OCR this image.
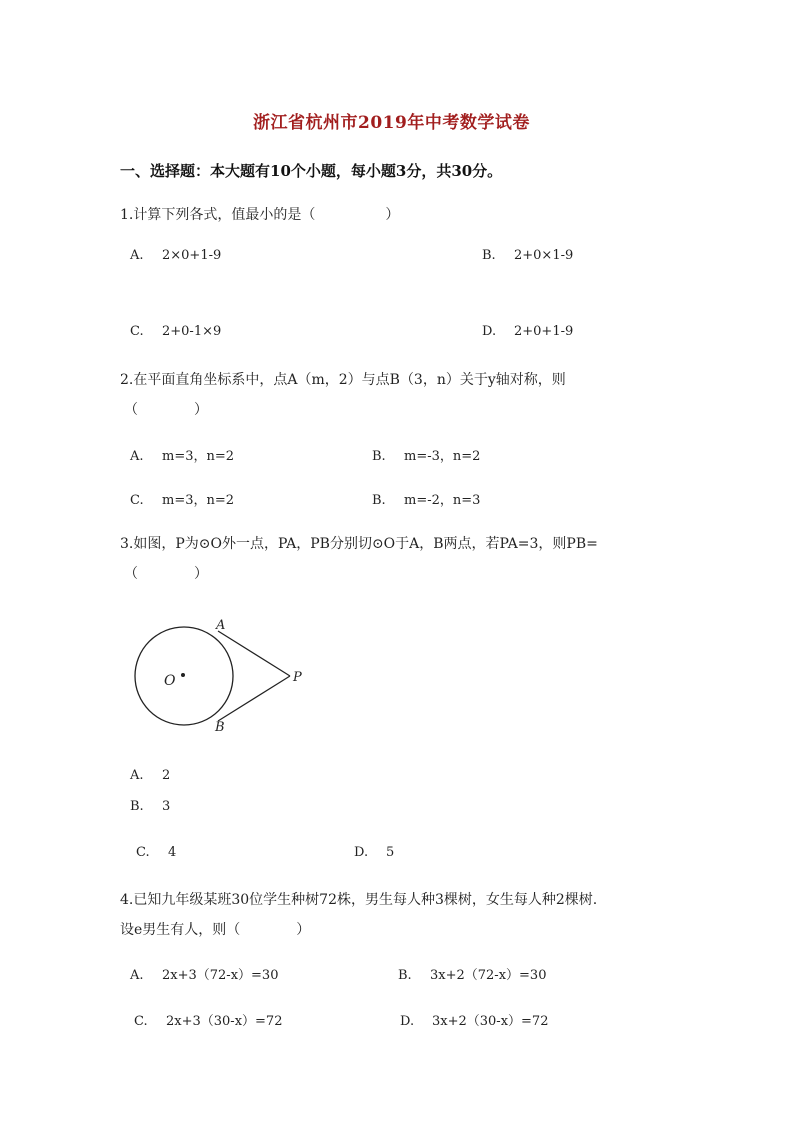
浙江省杭州市2019年中考数学试卷
一、选择题：本大题有10个小题，每小题3分，共30分。
1.计算下列各式，值最小的是（　　　　　）
A. 2×0+1-9	B. 2+0×1-9
C. 2+0-1×9	D. 2+0+1-9
2.在平面直角坐标系中，点A（m，2）与点B（3，n）关于y轴对称，则
（　　　　）
A. m=3，n=2	B. m=-3，n=2
C. m=3，n=2	B. m=-2，n=3
3.如图，P为⊙O外一点，PA，PB分别切⊙O于A，B两点，若PA=3，则PB=
（　　　　）
A
B
O	P
A. 2
B. 3
C. 4	D. 5
4.已知九年级某班30位学生种树72株，男生每人种3棵树，女生每人种2棵树.
设e男生有人，则（　　　　）
A. 2x+3（72-x）=30	B. 3x+2（72-x）=30
C. 2x+3（30-x）=72	D. 3x+2（30-x）=72
